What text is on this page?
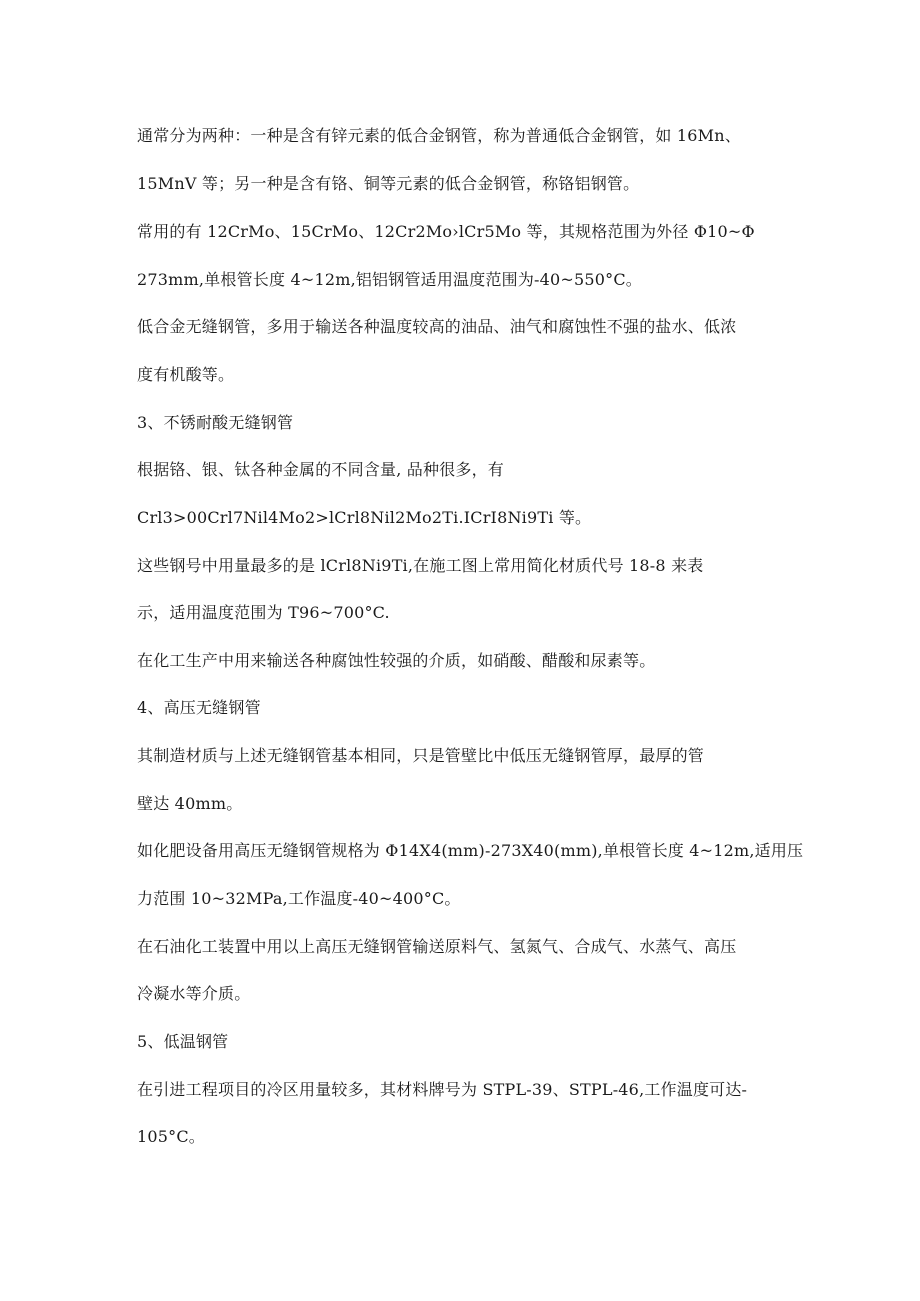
通常分为两种：一种是含有锌元素的低合金钢管，称为普通低合金钢管，如 16Mn、
15MnV 等；另一种是含有铬、铜等元素的低合金钢管，称铬铝钢管。
常用的有 12CrMo、15CrMo、12Cr2Mo›lCr5Mo 等，其规格范围为外径 Φ10~Φ
273mm,单根管长度 4~12m,铝铝钢管适用温度范围为-40~550°C。
低合金无缝钢管，多用于输送各种温度较高的油品、油气和腐蚀性不强的盐水、低浓
度有机酸等。
3、不锈耐酸无缝钢管
根据铬、银、钛各种金属的不同含量, 品种很多，有
Crl3>00Crl7Nil4Mo2>lCrl8Nil2Mo2Ti.ICrI8Ni9Ti 等。
这些钢号中用量最多的是 lCrl8Ni9Ti,在施工图上常用简化材质代号 18-8 来表
示，适用温度范围为 T96~700°C.
在化工生产中用来输送各种腐蚀性较强的介质，如硝酸、醋酸和尿素等。
4、高压无缝钢管
其制造材质与上述无缝钢管基本相同，只是管壁比中低压无缝钢管厚，最厚的管
壁达 40mm。
如化肥设备用高压无缝钢管规格为 Φ14X4(mm)-273X40(mm),单根管长度 4~12m,适用压
力范围 10~32MPa,工作温度-40~400°C。
在石油化工装置中用以上高压无缝钢管输送原料气、氢氮气、合成气、水蒸气、高压
冷凝水等介质。
5、低温钢管
在引进工程项目的冷区用量较多，其材料牌号为 STPL-39、STPL-46,工作温度可达-
105°C。
